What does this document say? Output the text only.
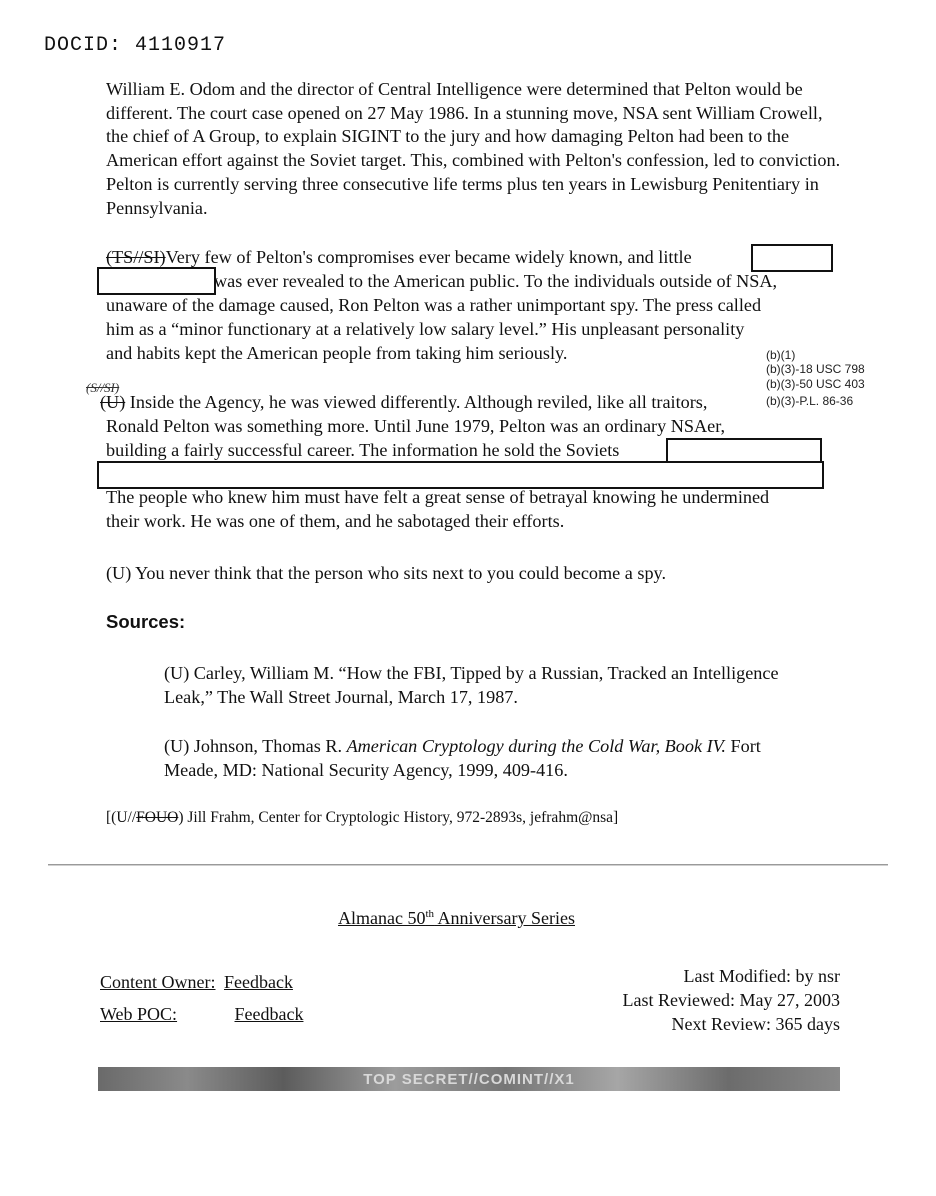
DOCID: 4110917
William E. Odom and the director of Central Intelligence were determined that Pelton would be different. The court case opened on 27 May 1986. In a stunning move, NSA sent William Crowell, the chief of A Group, to explain SIGINT to the jury and how damaging Pelton had been to the American effort against the Soviet target. This, combined with Pelton's confession, led to conviction. Pelton is currently serving three consecutive life terms plus ten years in Lewisburg Penitentiary in Pennsylvania.
(TS//SI)Very few of Pelton's compromises ever became widely known, and little
was ever revealed to the American public. To the individuals outside of NSA,
unaware of the damage caused, Ron Pelton was a rather unimportant spy. The press called
him as a “minor functionary at a relatively low salary level.” His unpleasant personality
and habits kept the American people from taking him seriously.	(b)(1)
(b)(3)-18 USC 798
(b)(3)-50 USC 403
(b)(3)-P.L. 86-36
(S//SI)
(U) Inside the Agency, he was viewed differently. Although reviled, like all traitors,
Ronald Pelton was something more. Until June 1979, Pelton was an ordinary NSAer,
building a fairly successful career. The information he sold the Soviets
The people who knew him must have felt a great sense of betrayal knowing he undermined
their work. He was one of them, and he sabotaged their efforts.
(U) You never think that the person who sits next to you could become a spy.
Sources:
(U) Carley, William M. “How the FBI, Tipped by a Russian, Tracked an Intelligence Leak,” The Wall Street Journal, March 17, 1987.
(U) Johnson, Thomas R. American Cryptology during the Cold War, Book IV. Fort Meade, MD: National Security Agency, 1999, 409-416.
[(U//FOUO) Jill Frahm, Center for Cryptologic History, 972-2893s, jefrahm@nsa]
Almanac 50th Anniversary Series
Content Owner: Feedback
Web POC:	Feedback
Last Modified: by nsr
Last Reviewed: May 27, 2003
Next Review: 365 days
TOP SECRET//COMINT//X1
